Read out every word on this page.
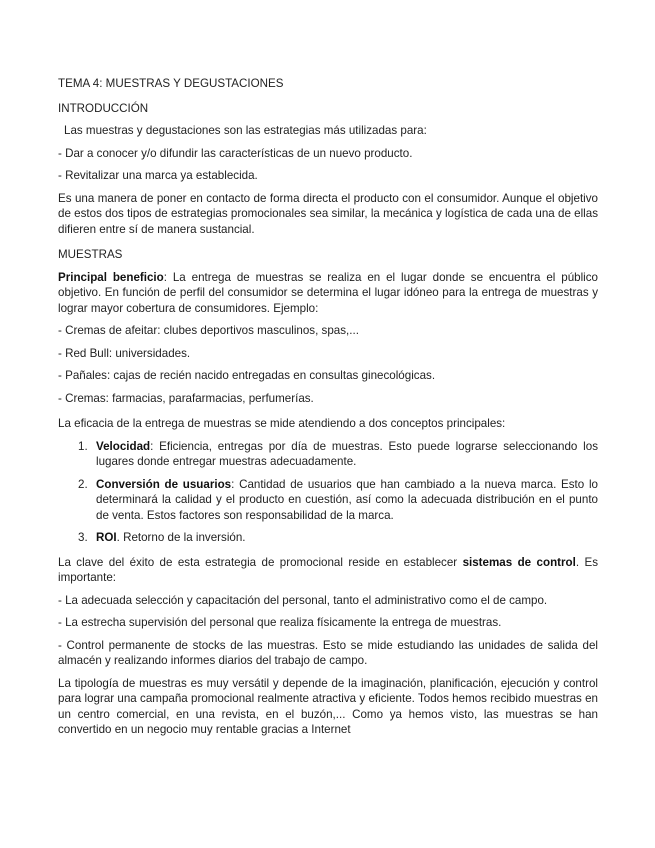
TEMA 4: MUESTRAS Y DEGUSTACIONES
INTRODUCCIÓN
Las muestras y degustaciones son las estrategias más utilizadas para:
- Dar a conocer y/o difundir las características de un nuevo producto.
- Revitalizar una marca ya establecida.
Es una manera de poner en contacto de forma directa el producto con el consumidor. Aunque el objetivo de estos dos tipos de estrategias promocionales sea similar, la mecánica y logística de cada una de ellas difieren entre sí de manera sustancial.
MUESTRAS
Principal beneficio: La entrega de muestras se realiza en el lugar donde se encuentra el público objetivo. En función de perfil del consumidor se determina el lugar idóneo para la entrega de muestras y lograr mayor cobertura de consumidores. Ejemplo:
- Cremas de afeitar: clubes deportivos masculinos, spas,...
- Red Bull: universidades.
- Pañales: cajas de recién nacido entregadas en consultas ginecológicas.
- Cremas: farmacias, parafarmacias, perfumerías.
La eficacia de la entrega de muestras se mide atendiendo a dos conceptos principales:
1. Velocidad: Eficiencia, entregas por día de muestras. Esto puede lograrse seleccionando los lugares donde entregar muestras adecuadamente.
2. Conversión de usuarios: Cantidad de usuarios que han cambiado a la nueva marca. Esto lo determinará la calidad y el producto en cuestión, así como la adecuada distribución en el punto de venta. Estos factores son responsabilidad de la marca.
3. ROI. Retorno de la inversión.
La clave del éxito de esta estrategia de promocional reside en establecer sistemas de control. Es importante:
- La adecuada selección y capacitación del personal, tanto el administrativo como el de campo.
- La estrecha supervisión del personal que realiza físicamente la entrega de muestras.
- Control permanente de stocks de las muestras. Esto se mide estudiando las unidades de salida del almacén y realizando informes diarios del trabajo de campo.
La tipología de muestras es muy versátil y depende de la imaginación, planificación, ejecución y control para lograr una campaña promocional realmente atractiva y eficiente. Todos hemos recibido muestras en un centro comercial, en una revista, en el buzón,... Como ya hemos visto, las muestras se han convertido en un negocio muy rentable gracias a Internet
